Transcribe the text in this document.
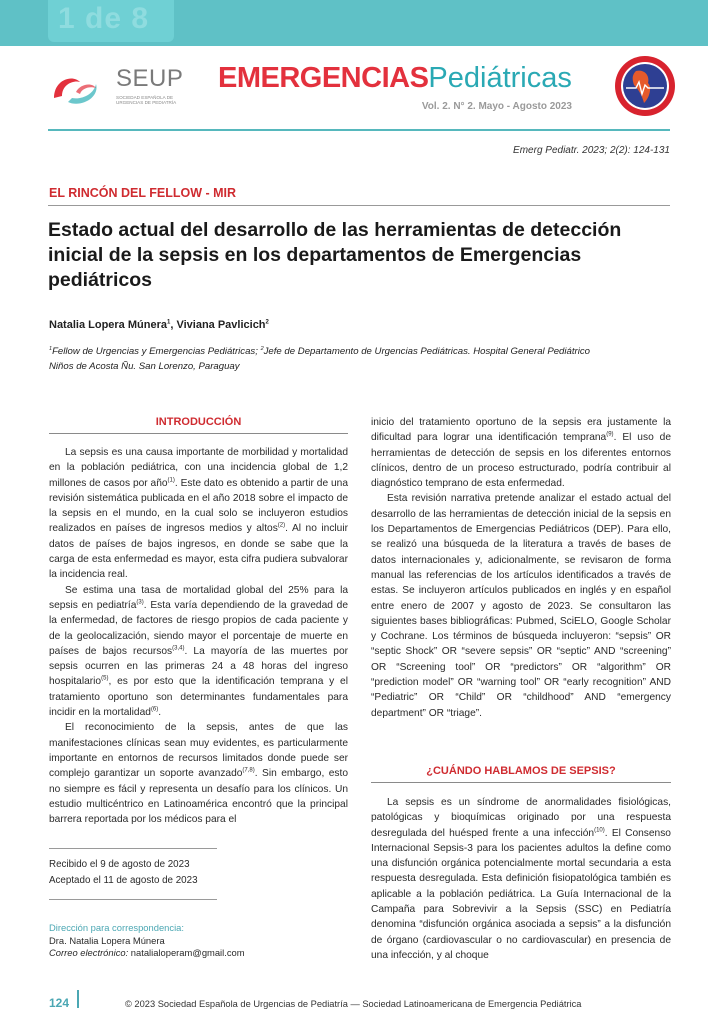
1 de 8
SEUP
SOCIEDAD ESPAÑOLA DE URGENCIAS DE PEDIATRÍA
EMERGENCIASPediátricas
Vol. 2. N° 2. Mayo - Agosto 2023
Emerg Pediatr. 2023; 2(2): 124-131
EL RINCÓN DEL FELLOW - MIR
Estado actual del desarrollo de las herramientas de detección
inicial de la sepsis en los departamentos de Emergencias
pediátricos
Natalia Lopera Múnera$^1$, Viviana Pavlicich$^2$
$^1$Fellow de Urgencias y Emergencias Pediátricas; $^2$Jefe de Departamento de Urgencias Pediátricas. Hospital General Pediátrico
Niños de Acosta Ñu. San Lorenzo, Paraguay
INTRODUCCIÓN

La sepsis es una causa importante de morbilidad y mortalidad en la población pediátrica, con una incidencia global de 1,2 millones de casos por año$^{(1)}$. Este dato es obtenido a partir de una revisión sistemática publicada en el año 2018 sobre el impacto de la sepsis en el mundo, en la cual solo se incluyeron estudios realizados en países de ingresos medios y altos$^{(2)}$. Al no incluir datos de países de bajos ingresos, en donde se sabe que la carga de esta enfermedad es mayor, esta cifra pudiera subvalorar la incidencia real.

Se estima una tasa de mortalidad global del 25% para la sepsis en pediatría$^{(3)}$. Esta varía dependiendo de la gravedad de la enfermedad, de factores de riesgo propios de cada paciente y de la geolocalización, siendo mayor el porcentaje de muerte en países de bajos recursos$^{(3,4)}$. La mayoría de las muertes por sepsis ocurren en las primeras 24 a 48 horas del ingreso hospitalario$^{(5)}$, es por esto que la identificación temprana y el tratamiento oportuno son determinantes fundamentales para incidir en la mortalidad$^{(6)}$.

El reconocimiento de la sepsis, antes de que las manifestaciones clínicas sean muy evidentes, es particularmente importante en entornos de recursos limitados donde puede ser complejo garantizar un soporte avanzado$^{(7,8)}$. Sin embargo, esto no siempre es fácil y representa un desafío para los clínicos. Un estudio multicéntrico en Latinoamérica encontró que la principal barrera reportada por los médicos para el

inicio del tratamiento oportuno de la sepsis era justamente la dificultad para lograr una identificación temprana$^{(9)}$. El uso de herramientas de detección de sepsis en los diferentes entornos clínicos, dentro de un proceso estructurado, podría contribuir al diagnóstico temprano de esta enfermedad.

Esta revisión narrativa pretende analizar el estado actual del desarrollo de las herramientas de detección inicial de la sepsis en los Departamentos de Emergencias Pediátricos (DEP). Para ello, se realizó una búsqueda de la literatura a través de bases de datos internacionales y, adicionalmente, se revisaron de forma manual las referencias de los artículos identificados a través de estas. Se incluyeron artículos publicados en inglés y en español entre enero de 2007 y agosto de 2023. Se consultaron las siguientes bases bibliográficas: Pubmed, SciELO, Google Scholar y Cochrane. Los términos de búsqueda incluyeron: “sepsis” OR “septic Shock” OR “severe sepsis” OR “septic” AND “screening” OR “Screening tool” OR “predictors” OR “algorithm” OR “prediction model” OR “warning tool” OR “early recognition” AND “Pediatric” OR “Child” OR “childhood” AND “emergency department” OR “triage”.

¿CUÁNDO HABLAMOS DE SEPSIS?

La sepsis es un síndrome de anormalidades fisiológicas, patológicas y bioquímicas originado por una respuesta desregulada del huésped frente a una infección$^{(10)}$. El Consenso Internacional Sepsis-3 para los pacientes adultos la define como una disfunción orgánica potencialmente mortal secundaria a esta respuesta desregulada. Esta definición fisiopatológica también es aplicable a la población pediátrica. La Guía Internacional de la Campaña para Sobrevivir a la Sepsis (SSC) en Pediatría denomina “disfunción orgánica asociada a sepsis” a la disfunción de órgano (cardiovascular o no cardiovascular) en presencia de una infección, y al choque

Recibido el 9 de agosto de 2023
Aceptado el 11 de agosto de 2023
Dirección para correspondencia:
Dra. Natalia Lopera Múnera
Correo electrónico: natalialoperam@gmail.com
124	© 2023 Sociedad Española de Urgencias de Pediatría — Sociedad Latinoamericana de Emergencia Pediátrica
